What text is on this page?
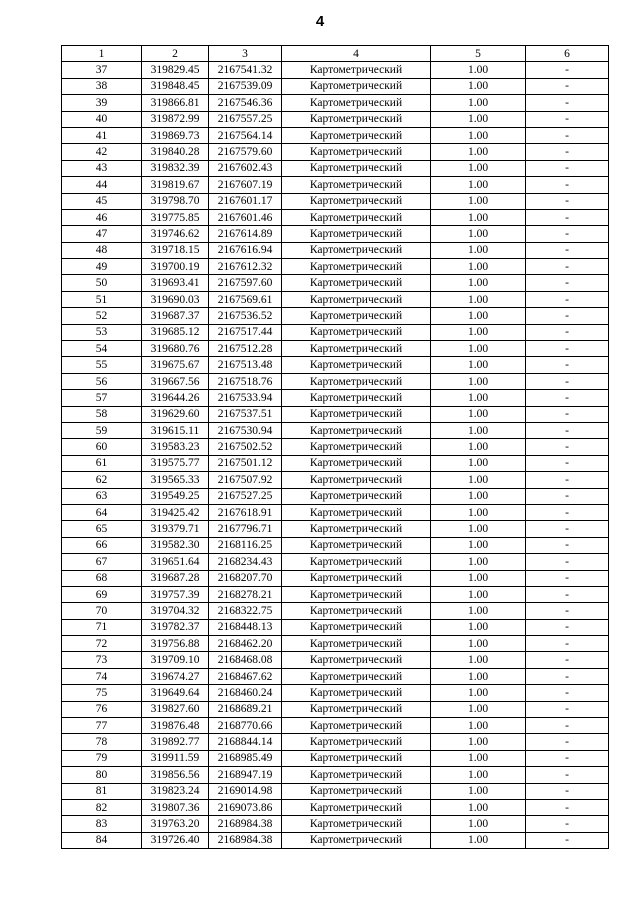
4
1	2	3	4	5	6
37	319829.45	2167541.32	Картометрический	1.00	-
38	319848.45	2167539.09	Картометрический	1.00	-
39	319866.81	2167546.36	Картометрический	1.00	-
40	319872.99	2167557.25	Картометрический	1.00	-
41	319869.73	2167564.14	Картометрический	1.00	-
42	319840.28	2167579.60	Картометрический	1.00	-
43	319832.39	2167602.43	Картометрический	1.00	-
44	319819.67	2167607.19	Картометрический	1.00	-
45	319798.70	2167601.17	Картометрический	1.00	-
46	319775.85	2167601.46	Картометрический	1.00	-
47	319746.62	2167614.89	Картометрический	1.00	-
48	319718.15	2167616.94	Картометрический	1.00	-
49	319700.19	2167612.32	Картометрический	1.00	-
50	319693.41	2167597.60	Картометрический	1.00	-
51	319690.03	2167569.61	Картометрический	1.00	-
52	319687.37	2167536.52	Картометрический	1.00	-
53	319685.12	2167517.44	Картометрический	1.00	-
54	319680.76	2167512.28	Картометрический	1.00	-
55	319675.67	2167513.48	Картометрический	1.00	-
56	319667.56	2167518.76	Картометрический	1.00	-
57	319644.26	2167533.94	Картометрический	1.00	-
58	319629.60	2167537.51	Картометрический	1.00	-
59	319615.11	2167530.94	Картометрический	1.00	-
60	319583.23	2167502.52	Картометрический	1.00	-
61	319575.77	2167501.12	Картометрический	1.00	-
62	319565.33	2167507.92	Картометрический	1.00	-
63	319549.25	2167527.25	Картометрический	1.00	-
64	319425.42	2167618.91	Картометрический	1.00	-
65	319379.71	2167796.71	Картометрический	1.00	-
66	319582.30	2168116.25	Картометрический	1.00	-
67	319651.64	2168234.43	Картометрический	1.00	-
68	319687.28	2168207.70	Картометрический	1.00	-
69	319757.39	2168278.21	Картометрический	1.00	-
70	319704.32	2168322.75	Картометрический	1.00	-
71	319782.37	2168448.13	Картометрический	1.00	-
72	319756.88	2168462.20	Картометрический	1.00	-
73	319709.10	2168468.08	Картометрический	1.00	-
74	319674.27	2168467.62	Картометрический	1.00	-
75	319649.64	2168460.24	Картометрический	1.00	-
76	319827.60	2168689.21	Картометрический	1.00	-
77	319876.48	2168770.66	Картометрический	1.00	-
78	319892.77	2168844.14	Картометрический	1.00	-
79	319911.59	2168985.49	Картометрический	1.00	-
80	319856.56	2168947.19	Картометрический	1.00	-
81	319823.24	2169014.98	Картометрический	1.00	-
82	319807.36	2169073.86	Картометрический	1.00	-
83	319763.20	2168984.38	Картометрический	1.00	-
84	319726.40	2168984.38	Картометрический	1.00	-
